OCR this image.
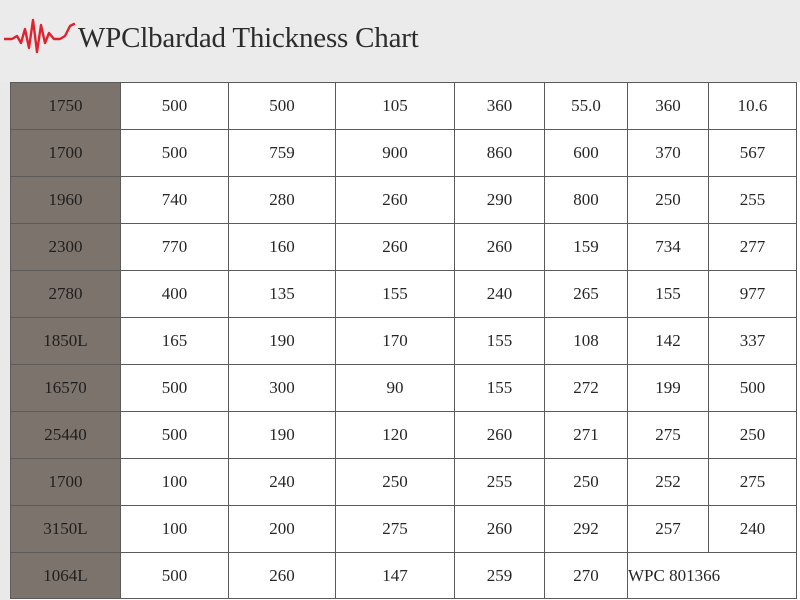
WPClbardad Thickness Chart
1750	500	500	105	360	55.0	360	10.6
1700	500	759	900	860	600	370	567
1960	740	280	260	290	800	250	255
2300	770	160	260	260	159	734	277
2780	400	135	155	240	265	155	977
1850L	165	190	170	155	108	142	337
16570	500	300	90	155	272	199	500
25440	500	190	120	260	271	275	250
1700	100	240	250	255	250	252	275
3150L	100	200	275	260	292	257	240
1064L	500	260	147	259	270	WPC 801366	
